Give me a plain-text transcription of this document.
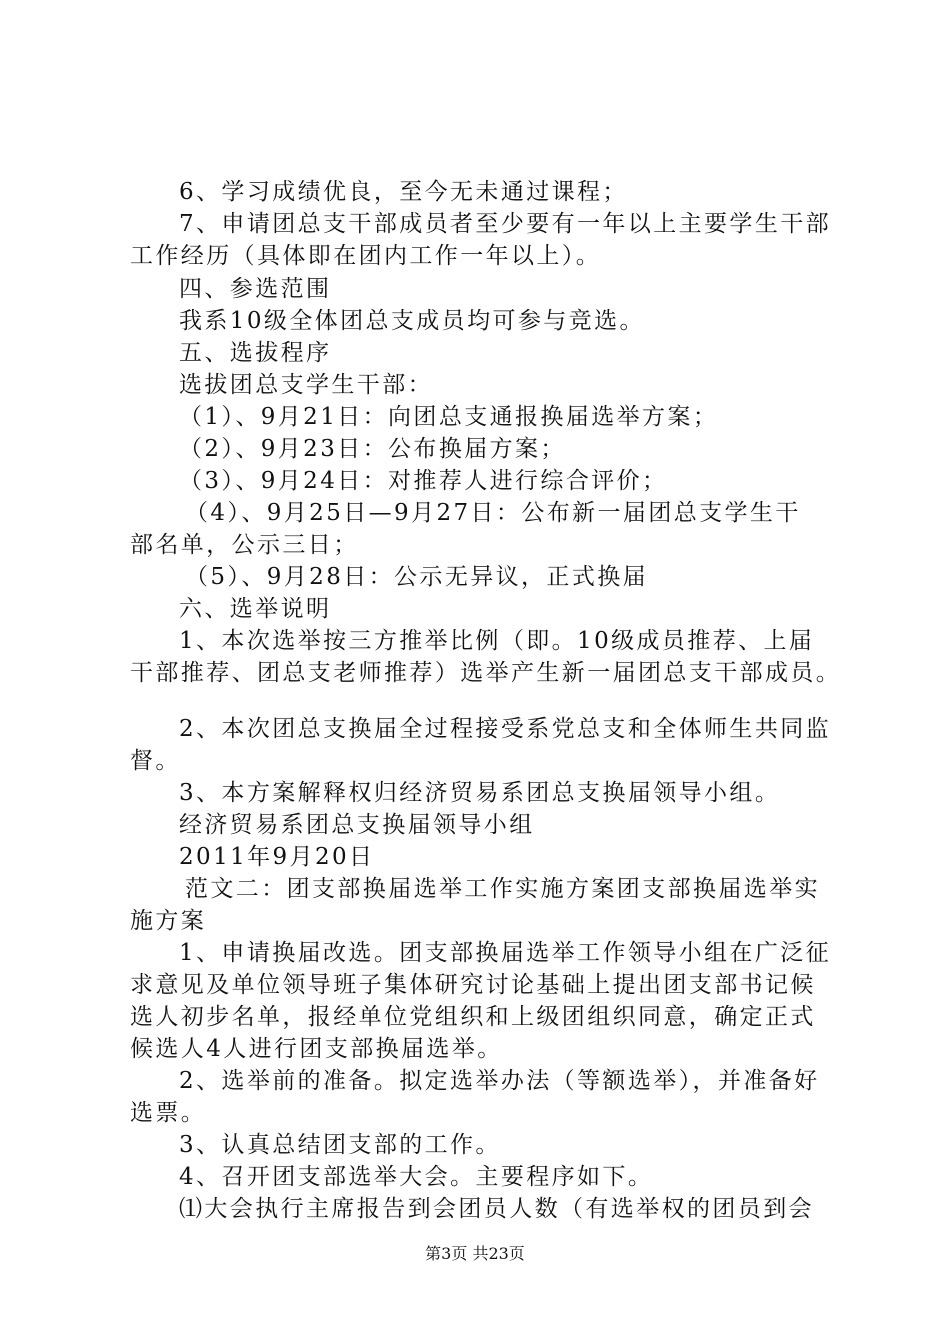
6、学习成绩优良，至今无未通过课程；
7、申请团总支干部成员者至少要有一年以上主要学生干部
工作经历（具体即在团内工作一年以上）。
四、参选范围
我系10级全体团总支成员均可参与竞选。
五、选拔程序
选拔团总支学生干部：
（1）、9月21日：向团总支通报换届选举方案；
（2）、9月23日：公布换届方案；
（3）、9月24日：对推荐人进行综合评价；
（4）、9月25日—9月27日：公布新一届团总支学生干
部名单，公示三日；
（5）、9月28日：公示无异议，正式换届
六、选举说明
1、本次选举按三方推举比例（即。10级成员推荐、上届
干部推荐、团总支老师推荐）选举产生新一届团总支干部成员。
2、本次团总支换届全过程接受系党总支和全体师生共同监
督。
3、本方案解释权归经济贸易系团总支换届领导小组。
经济贸易系团总支换届领导小组
2011年9月20日
范文二：团支部换届选举工作实施方案团支部换届选举实
施方案
1、申请换届改选。团支部换届选举工作领导小组在广泛征
求意见及单位领导班子集体研究讨论基础上提出团支部书记候
选人初步名单，报经单位党组织和上级团组织同意，确定正式
候选人4人进行团支部换届选举。
2、选举前的准备。拟定选举办法（等额选举），并准备好
选票。
3、认真总结团支部的工作。
4、召开团支部选举大会。主要程序如下。
⑴大会执行主席报告到会团员人数（有选举权的团员到会
第3页 共23页
